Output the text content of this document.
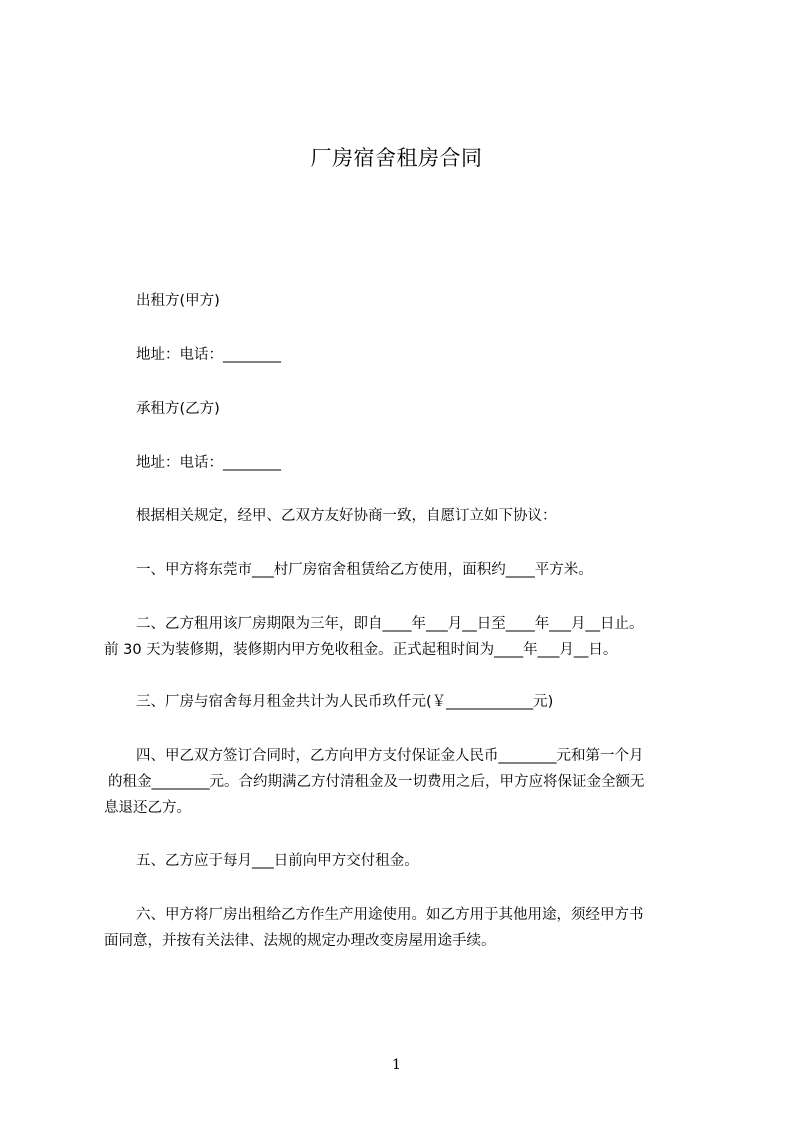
厂房宿舍租房合同
出租方(甲方)
地址：电话：________
承租方(乙方)
地址：电话：________
根据相关规定，经甲、乙双方友好协商一致，自愿订立如下协议：
一、甲方将东莞市___村厂房宿舍租赁给乙方使用，面积约____平方米。
二、乙方租用该厂房期限为三年，即自____年___月__日至____年___月__日止。
前 30 天为装修期，装修期内甲方免收租金。正式起租时间为____年___月__日。
三、厂房与宿舍每月租金共计为人民币玖仟元(￥____________元)
四、甲乙双方签订合同时，乙方向甲方支付保证金人民币________元和第一个月
的租金________元。合约期满乙方付清租金及一切费用之后，甲方应将保证金全额无
息退还乙方。
五、乙方应于每月___日前向甲方交付租金。
六、甲方将厂房出租给乙方作生产用途使用。如乙方用于其他用途，须经甲方书
面同意，并按有关法律、法规的规定办理改变房屋用途手续。
1
